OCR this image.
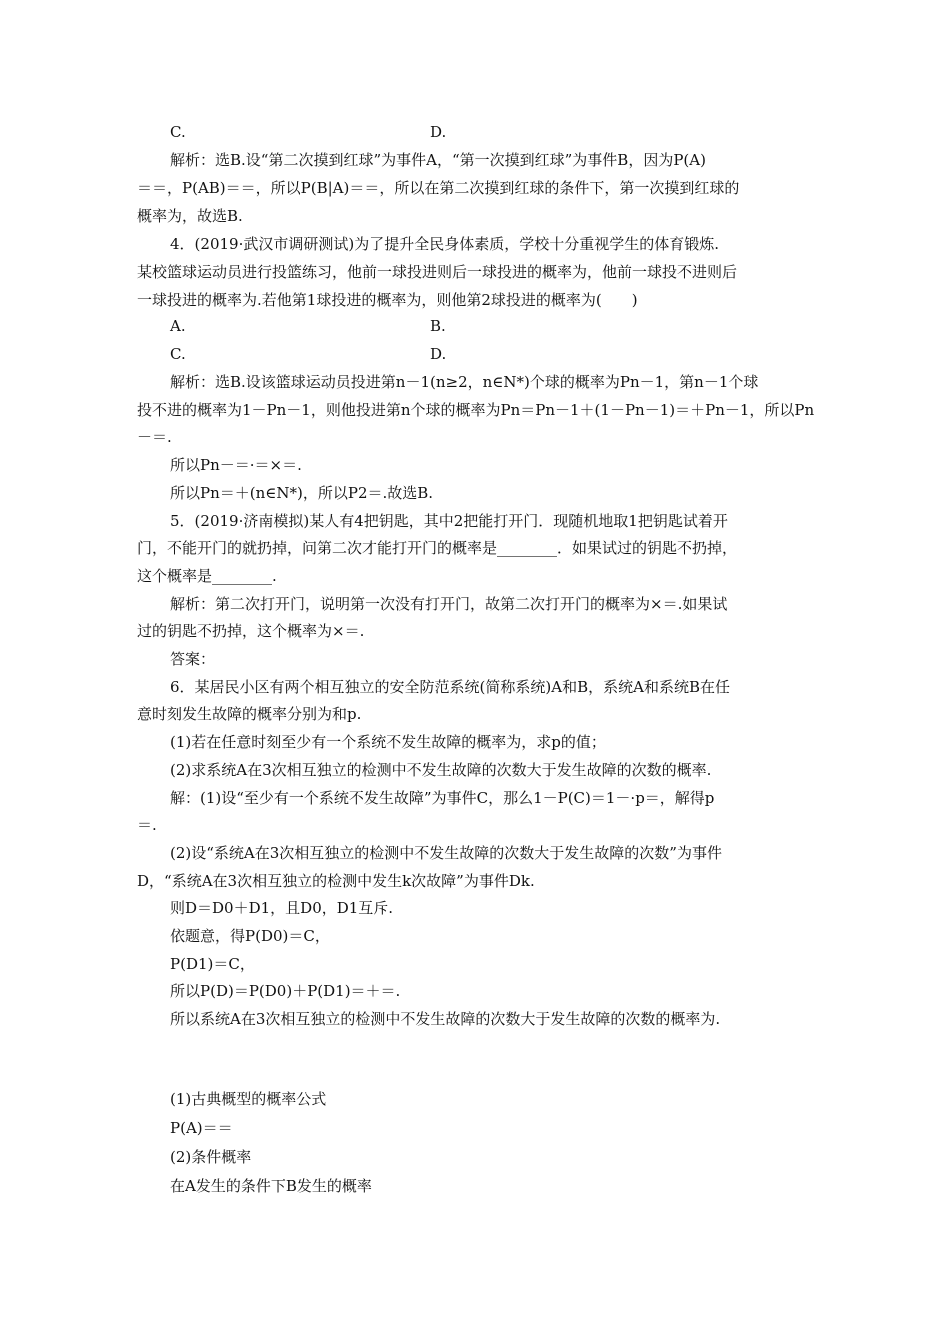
C.	D.
解析：选B.设“第二次摸到红球”为事件A，“第一次摸到红球”为事件B，因为P(A)
＝＝，P(AB)＝＝，所以P(B|A)＝＝，所以在第二次摸到红球的条件下，第一次摸到红球的
概率为，故选B.
4．(2019·武汉市调研测试)为了提升全民身体素质，学校十分重视学生的体育锻炼.
某校篮球运动员进行投篮练习，他前一球投进则后一球投进的概率为，他前一球投不进则后
一球投进的概率为.若他第1球投进的概率为，则他第2球投进的概率为(　　)
A.	B.
C.	D.
解析：选B.设该篮球运动员投进第n－1(n≥2，n∈N*)个球的概率为Pn－1，第n－1个球
投不进的概率为1－Pn－1，则他投进第n个球的概率为Pn＝Pn－1＋(1－Pn－1)＝＋Pn－1，所以Pn
－＝.
所以Pn－＝·＝×＝.
所以Pn＝＋(n∈N*)，所以P2＝.故选B.
5．(2019·济南模拟)某人有4把钥匙，其中2把能打开门．现随机地取1把钥匙试着开
门，不能开门的就扔掉，问第二次才能打开门的概率是________．如果试过的钥匙不扔掉，
这个概率是________.
解析：第二次打开门，说明第一次没有打开门，故第二次打开门的概率为×＝.如果试
过的钥匙不扔掉，这个概率为×＝.
答案：
6．某居民小区有两个相互独立的安全防范系统(简称系统)A和B，系统A和系统B在任
意时刻发生故障的概率分别为和p.
(1)若在任意时刻至少有一个系统不发生故障的概率为，求p的值；
(2)求系统A在3次相互独立的检测中不发生故障的次数大于发生故障的次数的概率.
解：(1)设“至少有一个系统不发生故障”为事件C，那么1－P(C)＝1－·p＝，解得p
＝.
(2)设“系统A在3次相互独立的检测中不发生故障的次数大于发生故障的次数”为事件
D，“系统A在3次相互独立的检测中发生k次故障”为事件Dk.
则D＝D0＋D1，且D0，D1互斥.
依题意，得P(D0)＝C，
P(D1)＝C，
所以P(D)＝P(D0)＋P(D1)＝＋＝.
所以系统A在3次相互独立的检测中不发生故障的次数大于发生故障的次数的概率为.
(1)古典概型的概率公式
P(A)＝＝
(2)条件概率
在A发生的条件下B发生的概率
